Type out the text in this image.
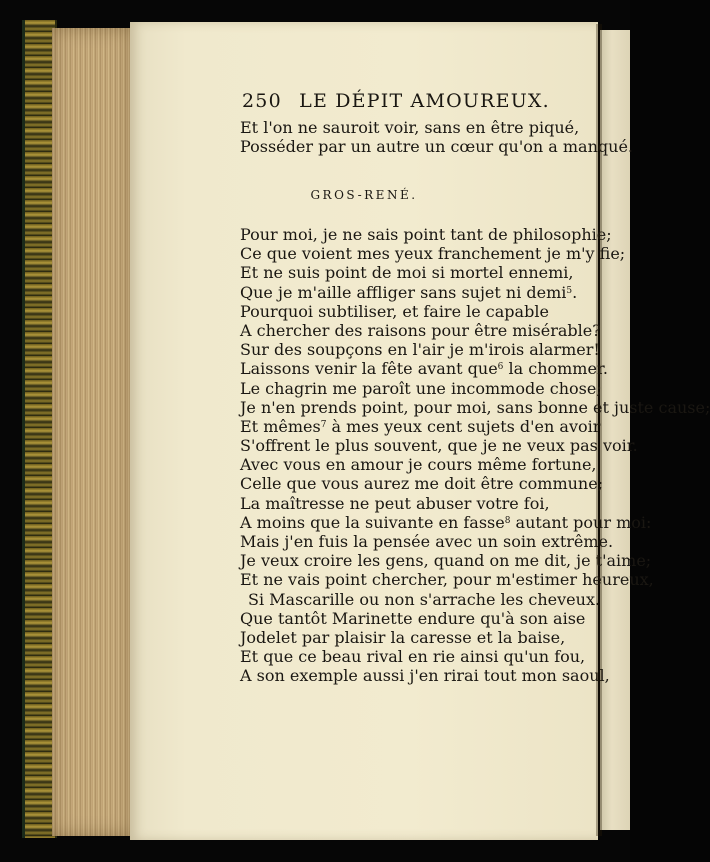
250 LE DÉPIT AMOUREUX.
Et l'on ne sauroit voir, sans en être piqué,
Posséder par un autre un cœur qu'on a manqué.
GROS-RENÉ.
Pour moi, je ne sais point tant de philosophie;
Ce que voient mes yeux franchement je m'y fie;
Et ne suis point de moi si mortel ennemi,
Que je m'aille affliger sans sujet ni demi$^5$.
Pourquoi subtiliser, et faire le capable
A chercher des raisons pour être misérable?
Sur des soupçons en l'air je m'irois alarmer!
Laissons venir la fête avant que$^6$ la chommer.
Le chagrin me paroît une incommode chose;
Je n'en prends point, pour moi, sans bonne et juste cause;
Et mêmes$^7$ à mes yeux cent sujets d'en avoir
S'offrent le plus souvent, que je ne veux pas voir.
Avec vous en amour je cours même fortune,
Celle que vous aurez me doit être commune;
La maîtresse ne peut abuser votre foi,
A moins que la suivante en fasse$^8$ autant pour moi:
Mais j'en fuis la pensée avec un soin extrême.
Je veux croire les gens, quand on me dit, je t'aime;
Et ne vais point chercher, pour m'estimer heureux,
Si Mascarille ou non s'arrache les cheveux.
Que tantôt Marinette endure qu'à son aise
Jodelet par plaisir la caresse et la baise,
Et que ce beau rival en rie ainsi qu'un fou,
A son exemple aussi j'en rirai tout mon saoul,
